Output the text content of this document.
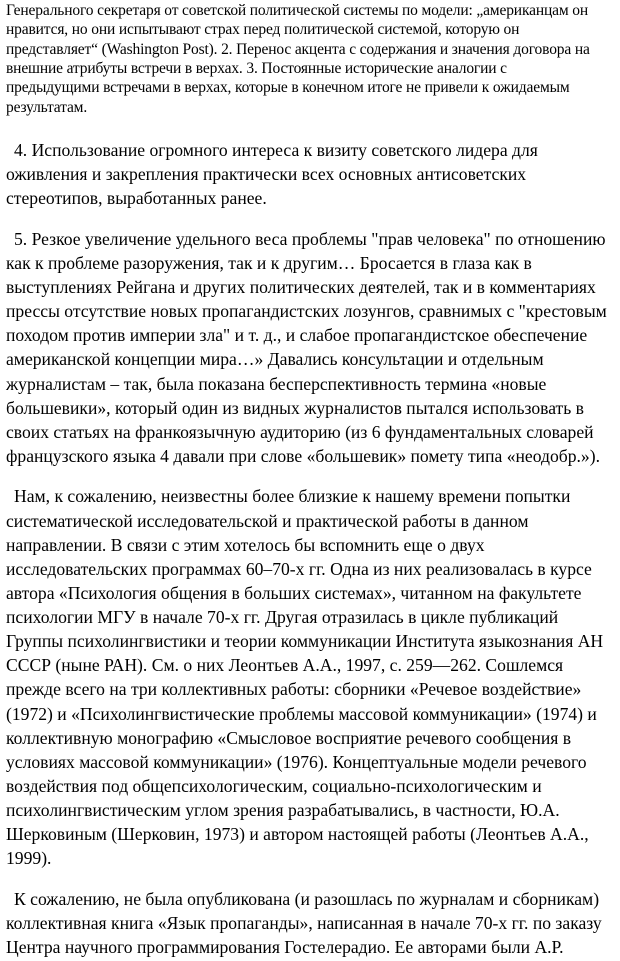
Генерального секретаря от советской политической системы по модели: „американцам он

нравится, но они испытывают страх перед политической системой, которую он

представляет“ (Washington Post). 2. Перенос акцента с содержания и значения договора на

внешние атрибуты встречи в верхах. 3. Постоянные исторические аналогии с

предыдущими встречами в верхах, которые в конечном итоге не привели к ожидаемым

результатам.

4. Использование огромного интереса к визиту советского лидера для

оживления и закрепления практически всех основных антисоветских

стереотипов, выработанных ранее.

5. Резкое увеличение удельного веса проблемы "прав человека" по отношению

как к проблеме разоружения, так и к другим… Бросается в глаза как в

выступлениях Рейгана и других политических деятелей, так и в комментариях

прессы отсутствие новых пропагандистских лозунгов, сравнимых с "крестовым

походом против империи зла" и т. д., и слабое пропагандистское обеспечение

американской концепции мира…» Давались консультации и отдельным

журналистам – так, была показана бесперспективность термина «новые

большевики», который один из видных журналистов пытался использовать в

своих статьях на франкоязычную аудиторию (из 6 фундаментальных словарей

французского языка 4 давали при слове «большевик» помету типа «неодобр.»).

Нам, к сожалению, неизвестны более близкие к нашему времени попытки

систематической исследовательской и практической работы в данном

направлении. В связи с этим хотелось бы вспомнить еще о двух

исследовательских программах 60–70-х гг. Одна из них реализовалась в курсе

автора «Психология общения в больших системах», читанном на факультете

психологии МГУ в начале 70-х гг. Другая отразилась в цикле публикаций

Группы психолингвистики и теории коммуникации Института языкознания АН

СССР (ныне РАН). См. о них Леонтьев А.А., 1997, с. 259—262. Сошлемся

прежде всего на три коллективных работы: сборники «Речевое воздействие»

(1972) и «Психолингвистические проблемы массовой коммуникации» (1974) и

коллективную монографию «Смысловое восприятие речевого сообщения в

условиях массовой коммуникации» (1976). Концептуальные модели речевого

воздействия под общепсихологическим, социально-психологическим и

психолингвистическим углом зрения разрабатывались, в частности, Ю.А.

Шерковиным (Шерковин, 1973) и автором настоящей работы (Леонтьев А.А.,

1999).

К сожалению, не была опубликована (и разошлась по журналам и сборникам)

коллективная книга «Язык пропаганды», написанная в начале 70-х гг. по заказу

Центра научного программирования Гостелерадио. Ее авторами были А.Р.
